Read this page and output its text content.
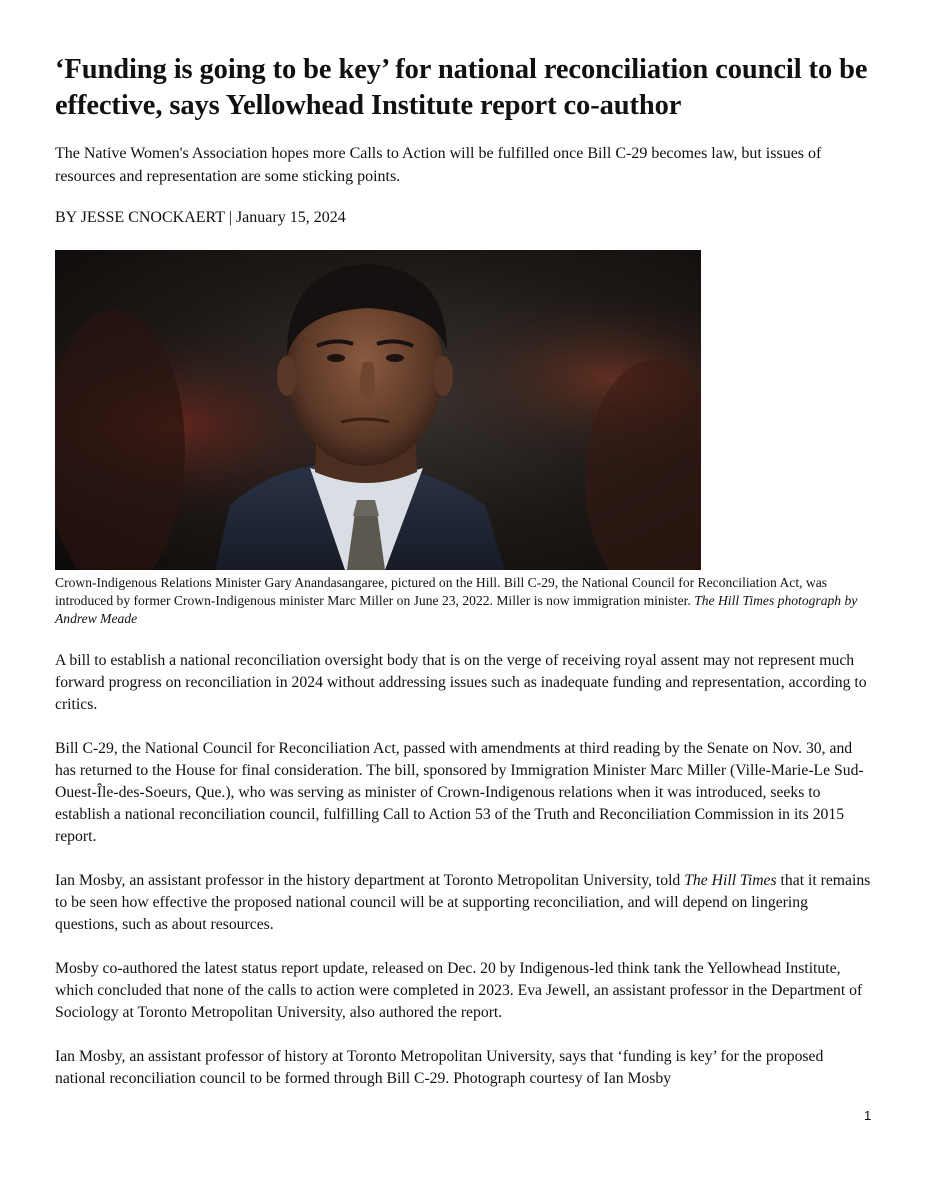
‘Funding is going to be key’ for national reconciliation council to be effective, says Yellowhead Institute report co-author

The Native Women's Association hopes more Calls to Action will be fulfilled once Bill C-29 becomes law, but issues of resources and representation are some sticking points.

BY JESSE CNOCKAERT | January 15, 2024

Crown-Indigenous Relations Minister Gary Anandasangaree, pictured on the Hill. Bill C-29, the National Council for Reconciliation Act, was introduced by former Crown-Indigenous minister Marc Miller on June 23, 2022. Miller is now immigration minister. The Hill Times photograph by Andrew Meade

A bill to establish a national reconciliation oversight body that is on the verge of receiving royal assent may not represent much forward progress on reconciliation in 2024 without addressing issues such as inadequate funding and representation, according to critics.

Bill C-29, the National Council for Reconciliation Act, passed with amendments at third reading by the Senate on Nov. 30, and has returned to the House for final consideration. The bill, sponsored by Immigration Minister Marc Miller (Ville-Marie-Le Sud-Ouest-Île-des-Soeurs, Que.), who was serving as minister of Crown-Indigenous relations when it was introduced, seeks to establish a national reconciliation council, fulfilling Call to Action 53 of the Truth and Reconciliation Commission in its 2015 report.

Ian Mosby, an assistant professor in the history department at Toronto Metropolitan University, told The Hill Times that it remains to be seen how effective the proposed national council will be at supporting reconciliation, and will depend on lingering questions, such as about resources.

Mosby co-authored the latest status report update, released on Dec. 20 by Indigenous-led think tank the Yellowhead Institute, which concluded that none of the calls to action were completed in 2023. Eva Jewell, an assistant professor in the Department of Sociology at Toronto Metropolitan University, also authored the report.

Ian Mosby, an assistant professor of history at Toronto Metropolitan University, says that ‘funding is key’ for the proposed national reconciliation council to be formed through Bill C-29. Photograph courtesy of Ian Mosby

1
